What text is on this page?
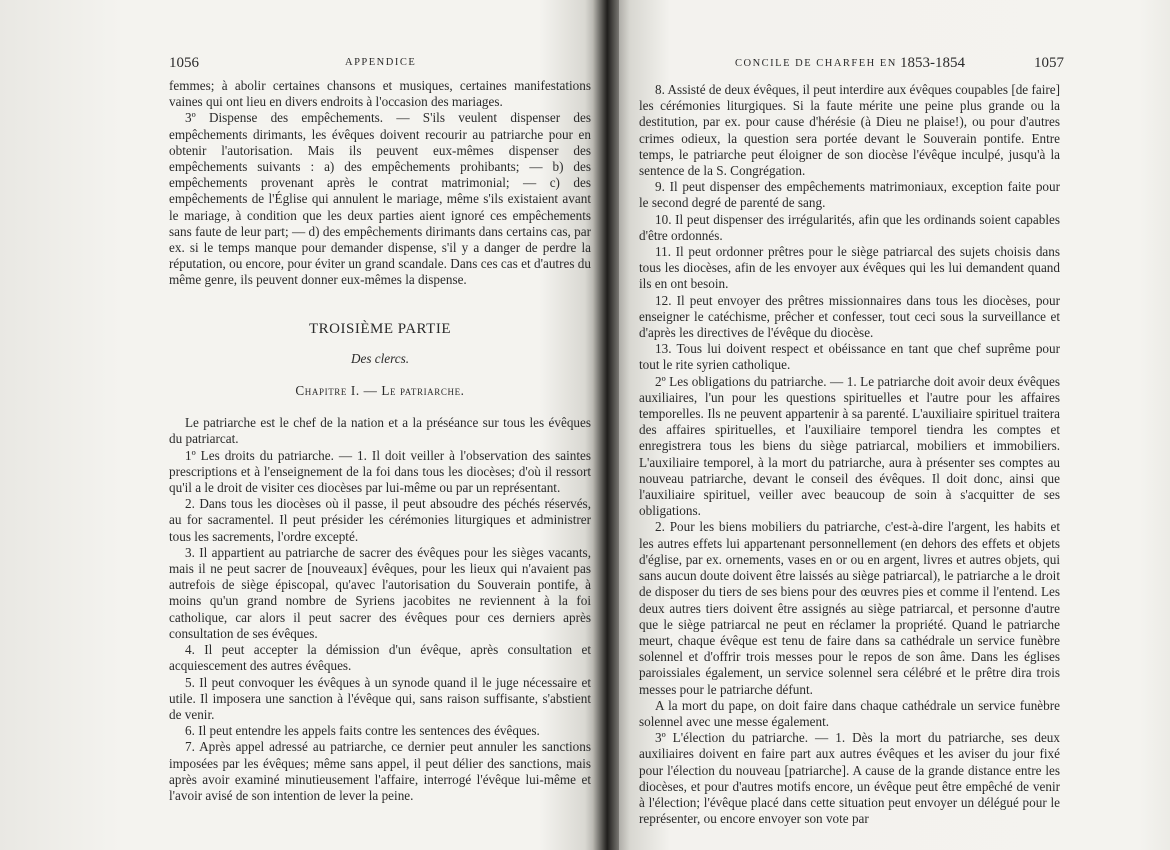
1056	APPENDICE

femmes; à abolir certaines chansons et musiques, certaines manifestations vaines qui ont lieu en divers endroits à l'occasion des mariages.

3º Dispense des empêchements. — S'ils veulent dispenser des empêchements dirimants, les évêques doivent recourir au patriarche pour en obtenir l'autorisation. Mais ils peuvent eux-mêmes dispenser des empêchements suivants : a) des empêchements prohibants; — b) des empêchements provenant après le contrat matrimonial; — c) des empêchements de l'Église qui annulent le mariage, même s'ils existaient avant le mariage, à condition que les deux parties aient ignoré ces empêchements sans faute de leur part; — d) des empêchements dirimants dans certains cas, par ex. si le temps manque pour demander dispense, s'il y a danger de perdre la réputation, ou encore, pour éviter un grand scandale. Dans ces cas et d'autres du même genre, ils peuvent donner eux-mêmes la dispense.

TROISIÈME PARTIE

Des clercs.

Chapitre I. — Le patriarche.

Le patriarche est le chef de la nation et a la préséance sur tous les évêques du patriarcat.

1º Les droits du patriarche. — 1. Il doit veiller à l'observation des saintes prescriptions et à l'enseignement de la foi dans tous les diocèses; d'où il ressort qu'il a le droit de visiter ces diocèses par lui-même ou par un représentant.

2. Dans tous les diocèses où il passe, il peut absoudre des péchés réservés, au for sacramentel. Il peut présider les cérémonies liturgiques et administrer tous les sacrements, l'ordre excepté.

3. Il appartient au patriarche de sacrer des évêques pour les sièges vacants, mais il ne peut sacrer de [nouveaux] évêques, pour les lieux qui n'avaient pas autrefois de siège épiscopal, qu'avec l'autorisation du Souverain pontife, à moins qu'un grand nombre de Syriens jacobites ne reviennent à la foi catholique, car alors il peut sacrer des évêques pour ces derniers après consultation de ses évêques.

4. Il peut accepter la démission d'un évêque, après consultation et acquiescement des autres évêques.

5. Il peut convoquer les évêques à un synode quand il le juge nécessaire et utile. Il imposera une sanction à l'évêque qui, sans raison suffisante, s'abstient de venir.

6. Il peut entendre les appels faits contre les sentences des évêques.

7. Après appel adressé au patriarche, ce dernier peut annuler les sanctions imposées par les évêques; même sans appel, il peut délier des sanctions, mais après avoir examiné minutieusement l'affaire, interrogé l'évêque lui-même et l'avoir avisé de son intention de lever la peine.

CONCILE DE CHARFEH EN 1853-1854	1057

8. Assisté de deux évêques, il peut interdire aux évêques coupables [de faire] les cérémonies liturgiques. Si la faute mérite une peine plus grande ou la destitution, par ex. pour cause d'hérésie (à Dieu ne plaise!), ou pour d'autres crimes odieux, la question sera portée devant le Souverain pontife. Entre temps, le patriarche peut éloigner de son diocèse l'évêque inculpé, jusqu'à la sentence de la S. Congrégation.

9. Il peut dispenser des empêchements matrimoniaux, exception faite pour le second degré de parenté de sang.

10. Il peut dispenser des irrégularités, afin que les ordinands soient capables d'être ordonnés.

11. Il peut ordonner prêtres pour le siège patriarcal des sujets choisis dans tous les diocèses, afin de les envoyer aux évêques qui les lui demandent quand ils en ont besoin.

12. Il peut envoyer des prêtres missionnaires dans tous les diocèses, pour enseigner le catéchisme, prêcher et confesser, tout ceci sous la surveillance et d'après les directives de l'évêque du diocèse.

13. Tous lui doivent respect et obéissance en tant que chef suprême pour tout le rite syrien catholique.

2º Les obligations du patriarche. — 1. Le patriarche doit avoir deux évêques auxiliaires, l'un pour les questions spirituelles et l'autre pour les affaires temporelles. Ils ne peuvent appartenir à sa parenté. L'auxiliaire spirituel traitera des affaires spirituelles, et l'auxiliaire temporel tiendra les comptes et enregistrera tous les biens du siège patriarcal, mobiliers et immobiliers. L'auxiliaire temporel, à la mort du patriarche, aura à présenter ses comptes au nouveau patriarche, devant le conseil des évêques. Il doit donc, ainsi que l'auxiliaire spirituel, veiller avec beaucoup de soin à s'acquitter de ses obligations.

2. Pour les biens mobiliers du patriarche, c'est-à-dire l'argent, les habits et les autres effets lui appartenant personnellement (en dehors des effets et objets d'église, par ex. ornements, vases en or ou en argent, livres et autres objets, qui sans aucun doute doivent être laissés au siège patriarcal), le patriarche a le droit de disposer du tiers de ses biens pour des œuvres pies et comme il l'entend. Les deux autres tiers doivent être assignés au siège patriarcal, et personne d'autre que le siège patriarcal ne peut en réclamer la propriété. Quand le patriarche meurt, chaque évêque est tenu de faire dans sa cathédrale un service funèbre solennel et d'offrir trois messes pour le repos de son âme. Dans les églises paroissiales également, un service solennel sera célébré et le prêtre dira trois messes pour le patriarche défunt.

A la mort du pape, on doit faire dans chaque cathédrale un service funèbre solennel avec une messe également.

3º L'élection du patriarche. — 1. Dès la mort du patriarche, ses deux auxiliaires doivent en faire part aux autres évêques et les aviser du jour fixé pour l'élection du nouveau [patriarche]. A cause de la grande distance entre les diocèses, et pour d'autres motifs encore, un évêque peut être empêché de venir à l'élection; l'évêque placé dans cette situation peut envoyer un délégué pour le représenter, ou encore envoyer son vote par
